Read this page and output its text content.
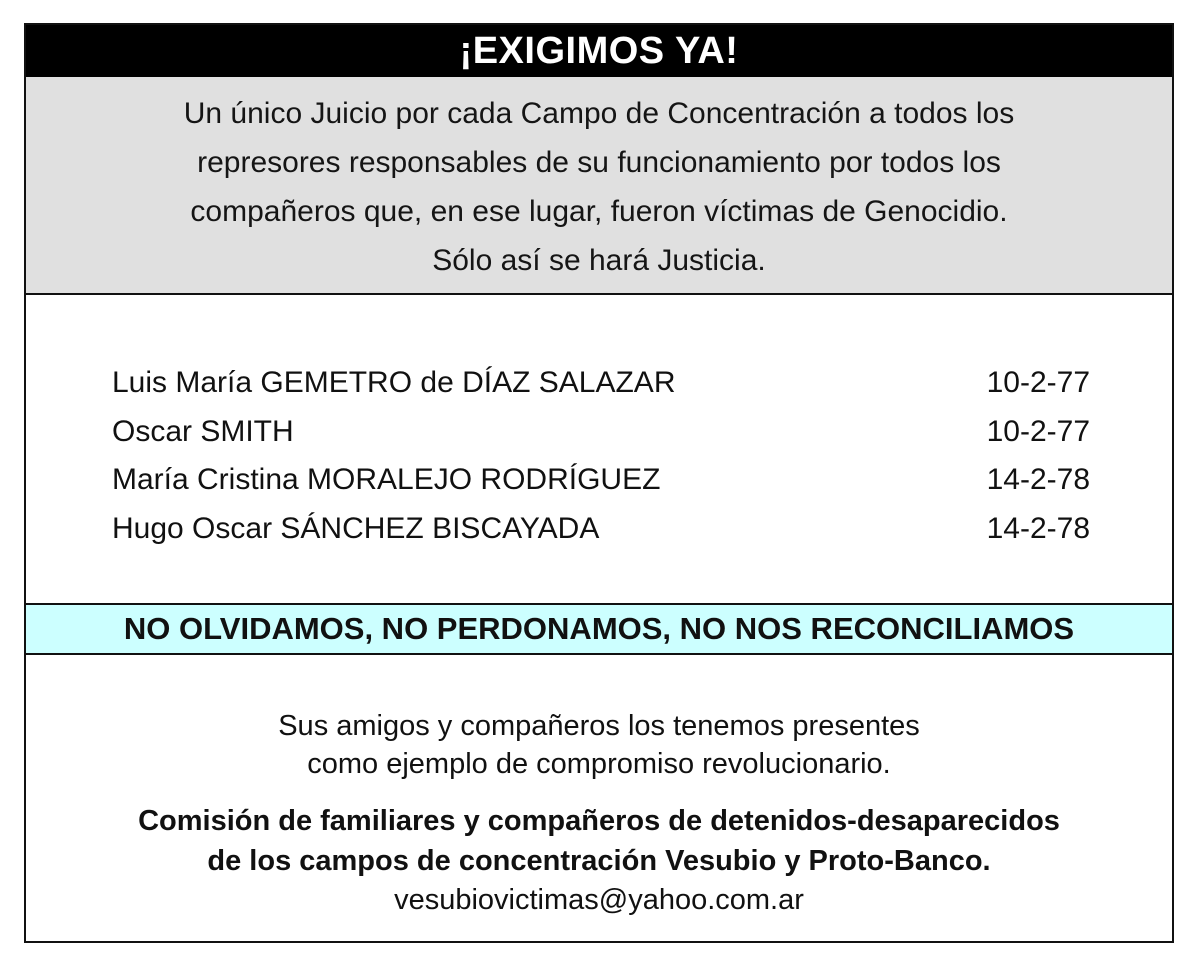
¡EXIGIMOS YA!
Un único Juicio por cada Campo de Concentración a todos los
represores responsables de su funcionamiento por todos los
compañeros que, en ese lugar, fueron víctimas de Genocidio.
Sólo así se hará Justicia.
Luis María GEMETRO de DÍAZ SALAZAR	10-2-77
Oscar SMITH	10-2-77
María Cristina MORALEJO RODRÍGUEZ	14-2-78
Hugo Oscar SÁNCHEZ BISCAYADA	14-2-78
NO OLVIDAMOS, NO PERDONAMOS, NO NOS RECONCILIAMOS
Sus amigos y compañeros los tenemos presentes
como ejemplo de compromiso revolucionario.
Comisión de familiares y compañeros de detenidos-desaparecidos
de los campos de concentración Vesubio y Proto-Banco.
vesubiovictimas@yahoo.com.ar
